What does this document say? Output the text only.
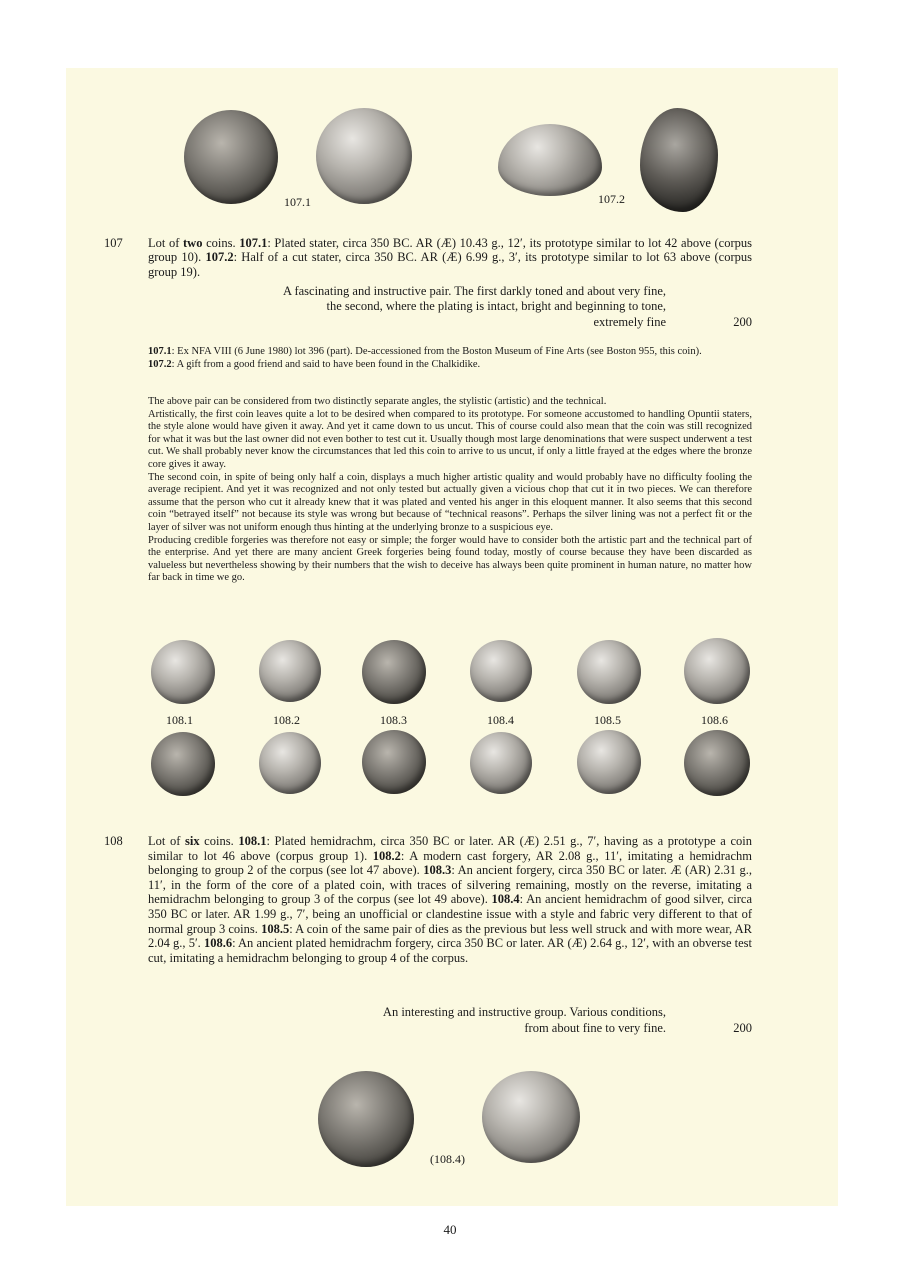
107.1	107.2
107 Lot of two coins. 107.1: Plated stater, circa 350 BC. AR (Æ) 10.43 g., 12′, its prototype similar to lot 42 above (corpus group 10). 107.2: Half of a cut stater, circa 350 BC. AR (Æ) 6.99 g., 3′, its prototype similar to lot 63 above (corpus group 19).
A fascinating and instructive pair. The first darkly toned and about very fine,
the second, where the plating is intact, bright and beginning to tone,
extremely fine	200

107.1: Ex NFA VIII (6 June 1980) lot 396 (part). De-accessioned from the Boston Museum of Fine Arts (see Boston 955, this coin).

107.2: A gift from a good friend and said to have been found in the Chalkidike.

The above pair can be considered from two distinctly separate angles, the stylistic (artistic) and the technical.

Artistically, the first coin leaves quite a lot to be desired when compared to its prototype. For someone accustomed to handling Opuntii staters, the style alone would have given it away. And yet it came down to us uncut. This of course could also mean that the coin was still recognized for what it was but the last owner did not even bother to test cut it. Usually though most large denominations that were suspect underwent a test cut. We shall probably never know the circumstances that led this coin to arrive to us uncut, if only a little frayed at the edges where the bronze core gives it away.

The second coin, in spite of being only half a coin, displays a much higher artistic quality and would probably have no difficulty fooling the average recipient. And yet it was recognized and not only tested but actually given a vicious chop that cut it in two pieces. We can therefore assume that the person who cut it already knew that it was plated and vented his anger in this eloquent manner. It also seems that this second coin “betrayed itself” not because its style was wrong but because of “technical reasons”. Perhaps the silver lining was not a perfect fit or the layer of silver was not uniform enough thus hinting at the underlying bronze to a suspicious eye.

Producing credible forgeries was therefore not easy or simple; the forger would have to consider both the artistic part and the technical part of the enterprise. And yet there are many ancient Greek forgeries being found today, mostly of course because they have been discarded as valueless but nevertheless showing by their numbers that the wish to deceive has always been quite prominent in human nature, no matter how far back in time we go.

108.1	108.2	108.3	108.4	108.5	108.6
108 Lot of six coins. 108.1: Plated hemidrachm, circa 350 BC or later. AR (Æ) 2.51 g., 7′, having as a prototype a coin similar to lot 46 above (corpus group 1). 108.2: A modern cast forgery, AR 2.08 g., 11′, imitating a hemidrachm belonging to group 2 of the corpus (see lot 47 above). 108.3: An ancient forgery, circa 350 BC or later. Æ (AR) 2.31 g., 11′, in the form of the core of a plated coin, with traces of silvering remaining, mostly on the reverse, imitating a hemidrachm belonging to group 3 of the corpus (see lot 49 above). 108.4: An ancient hemidrachm of good silver, circa 350 BC or later. AR 1.99 g., 7′, being an unofficial or clandestine issue with a style and fabric very different to that of normal group 3 coins. 108.5: A coin of the same pair of dies as the previous but less well struck and with more wear, AR 2.04 g., 5′. 108.6: An ancient plated hemidrachm forgery, circa 350 BC or later. AR (Æ) 2.64 g., 12′, with an obverse test cut, imitating a hemidrachm belonging to group 4 of the corpus.
An interesting and instructive group. Various conditions,
from about fine to very fine.	200
(108.4)
40
